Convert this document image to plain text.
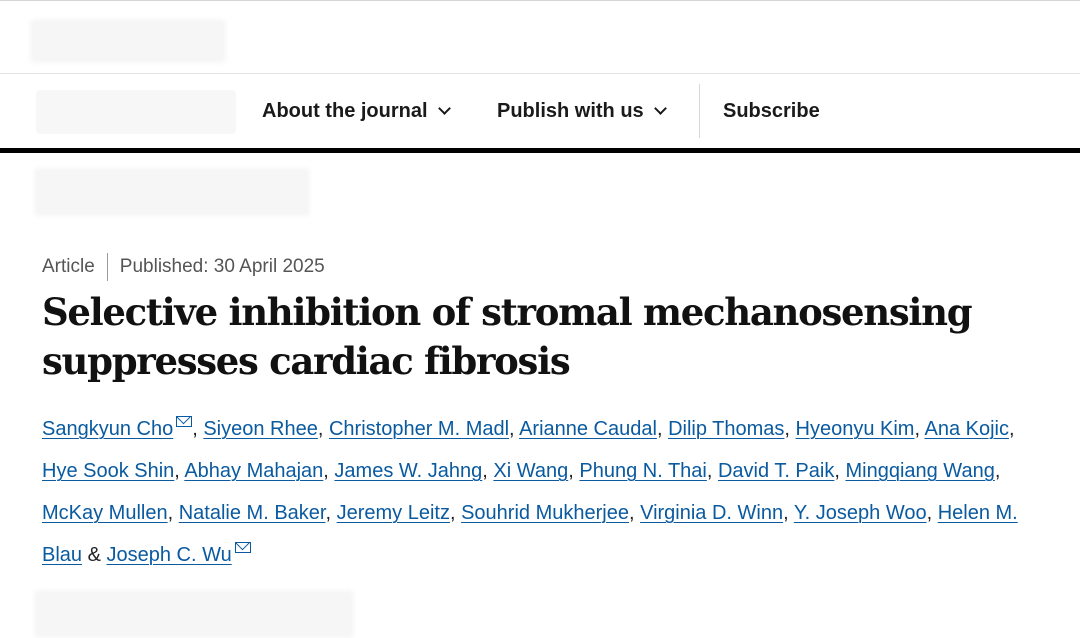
About the journal	Publish with us	Subscribe
Article Published: 30 April 2025
Selective inhibition of stromal mechanosensing suppresses cardiac fibrosis
Sangkyun Cho , Siyeon Rhee, Christopher M. Madl, Arianne Caudal, Dilip Thomas, Hyeonyu Kim, Ana Kojic, Hye Sook Shin, Abhay Mahajan, James W. Jahng, Xi Wang, Phung N. Thai, David T. Paik, Mingqiang Wang, McKay Mullen, Natalie M. Baker, Jeremy Leitz, Souhrid Mukherjee, Virginia D. Winn, Y. Joseph Woo, Helen M. Blau & Joseph C. Wu
